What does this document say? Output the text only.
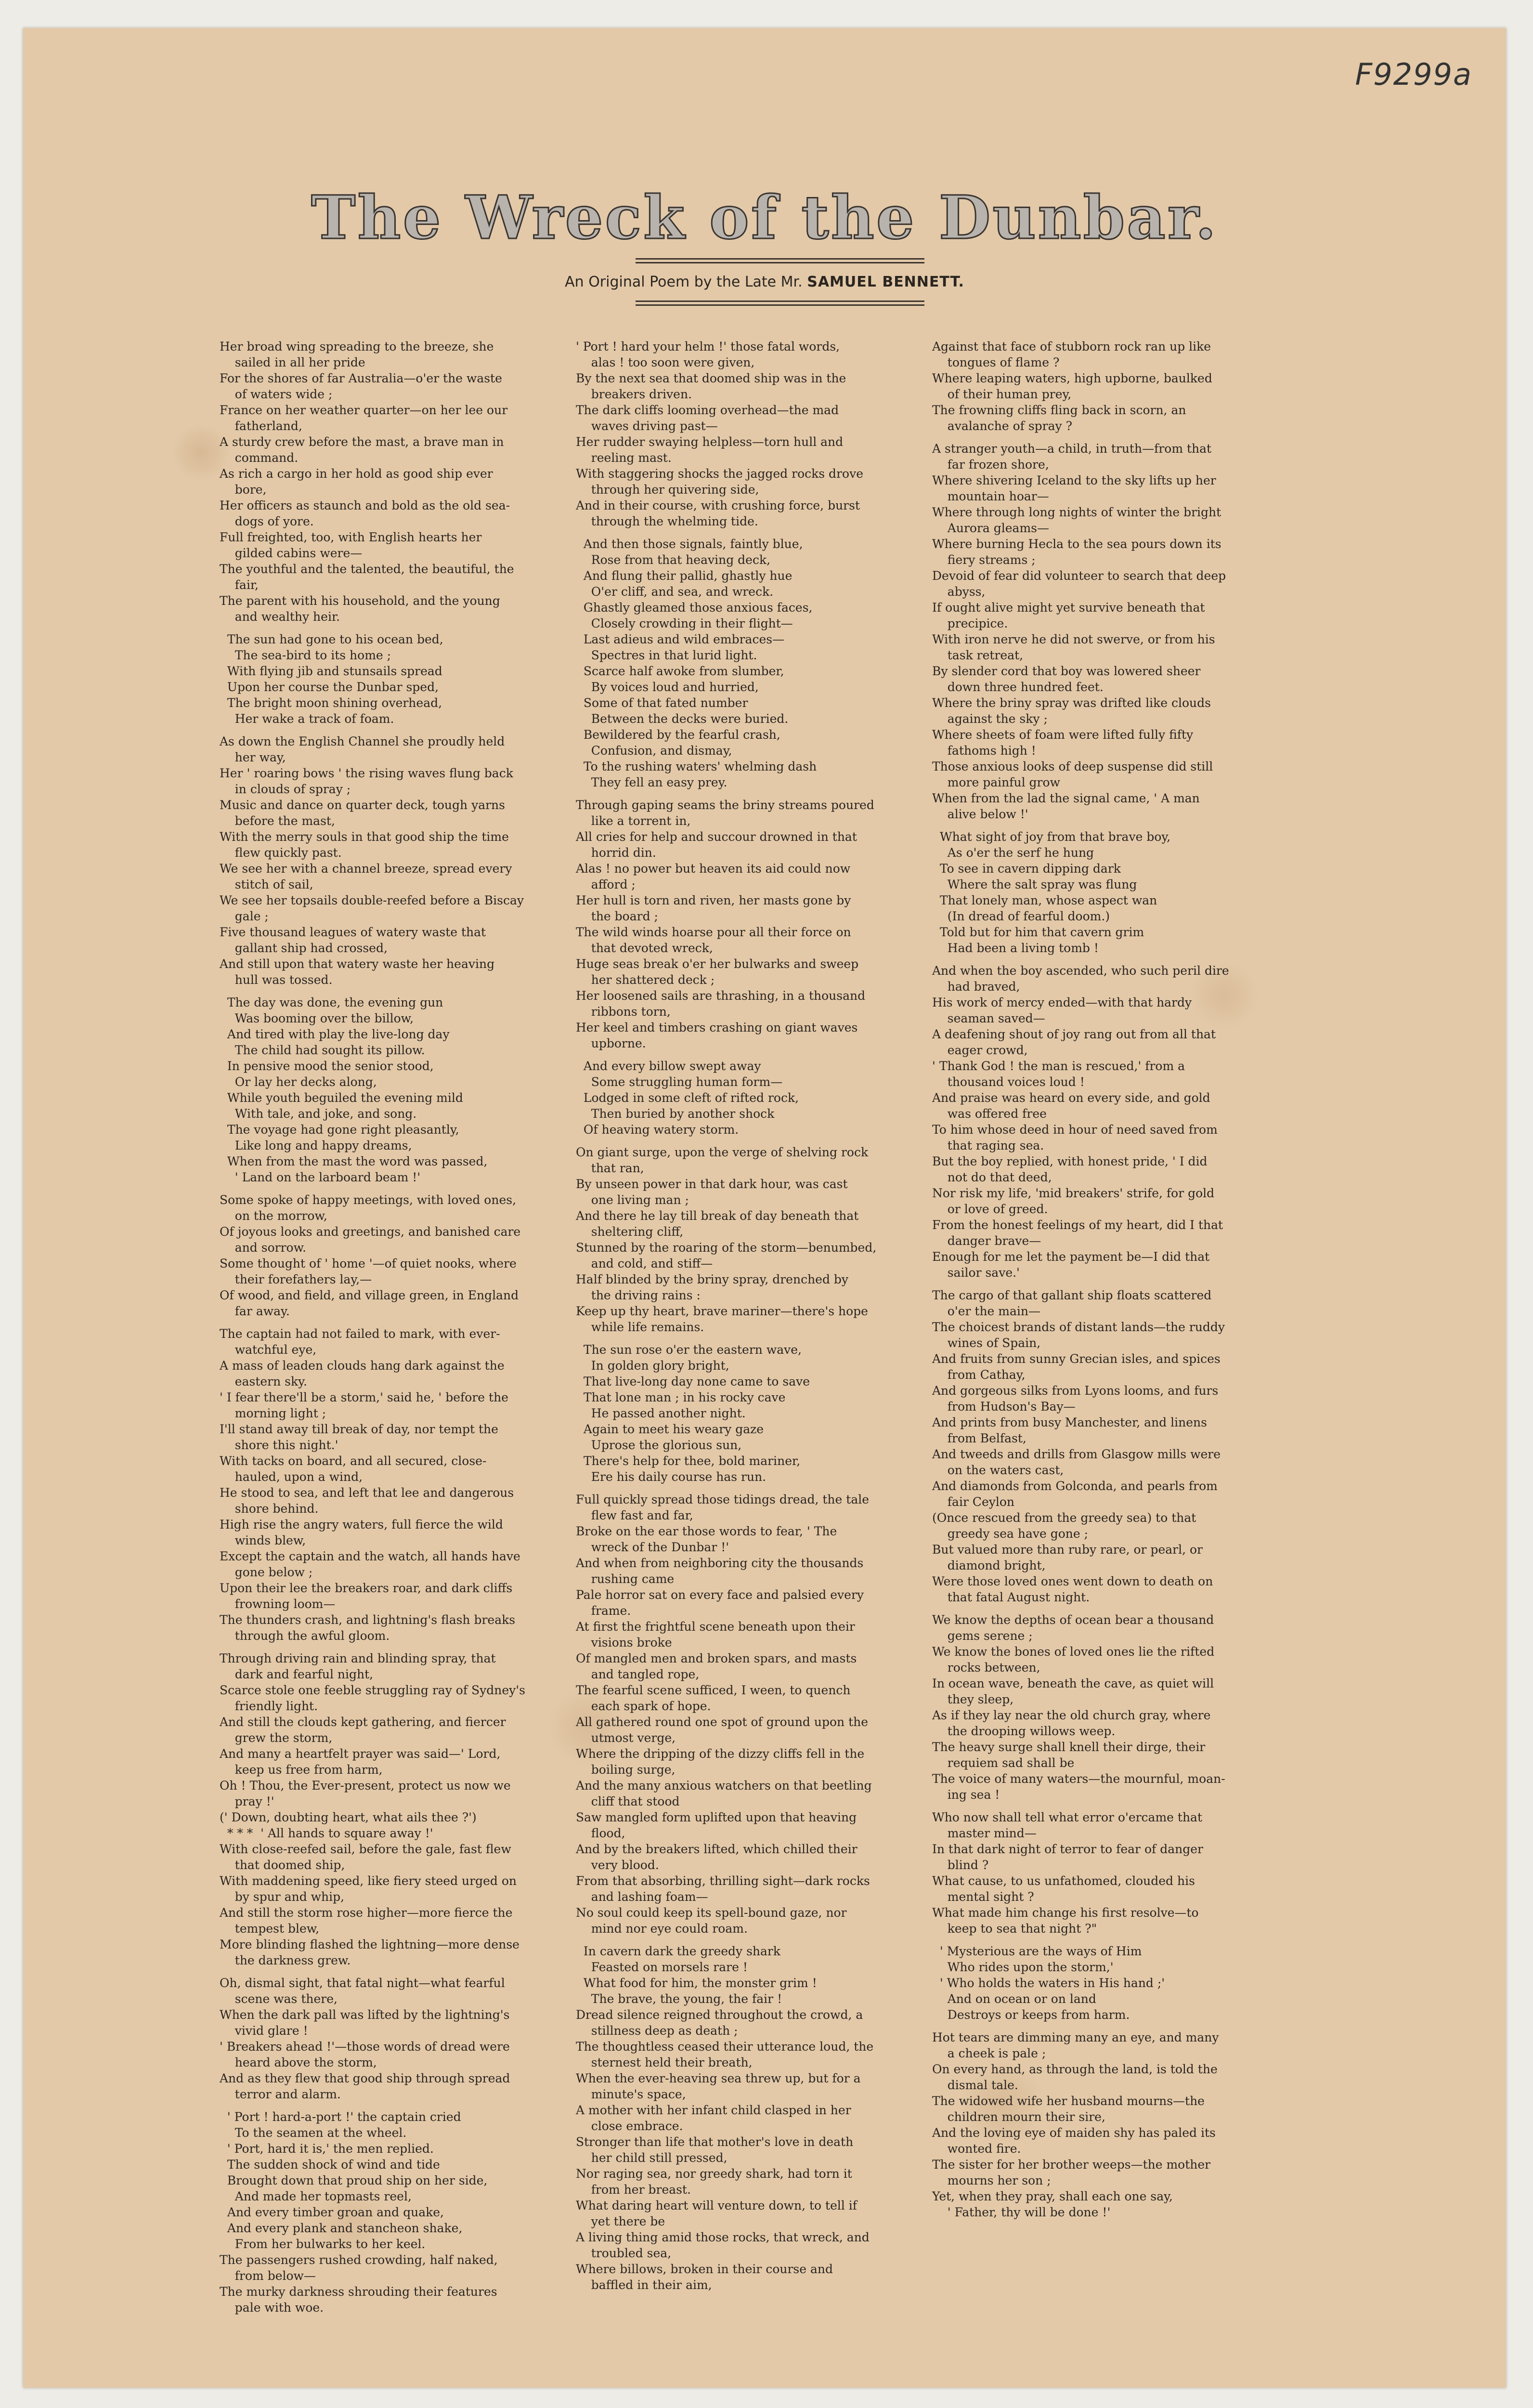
F9299a
The Wreck of the Dunbar.

An Original Poem by the Late Mr. SAMUEL BENNETT.

Her broad wing spreading to the breeze, she
sailed in all her pride
For the shores of far Australia—o'er the waste
of waters wide ;
France on her weather quarter—on her lee our
fatherland,
A sturdy crew before the mast, a brave man in
command.
As rich a cargo in her hold as good ship ever
bore,
Her officers as staunch and bold as the old sea-
dogs of yore.
Full freighted, too, with English hearts her
gilded cabins were—
The youthful and the talented, the beautiful, the
fair,
The parent with his household, and the young
and wealthy heir.

The sun had gone to his ocean bed,
The sea-bird to its home ;
With flying jib and stunsails spread
Upon her course the Dunbar sped,
The bright moon shining overhead,
Her wake a track of foam.

As down the English Channel she proudly held
her way,
Her ' roaring bows ' the rising waves flung back
in clouds of spray ;
Music and dance on quarter deck, tough yarns
before the mast,
With the merry souls in that good ship the time
flew quickly past.
We see her with a channel breeze, spread every
stitch of sail,
We see her topsails double-reefed before a Biscay
gale ;
Five thousand leagues of watery waste that
gallant ship had crossed,
And still upon that watery waste her heaving
hull was tossed.

The day was done, the evening gun
Was booming over the billow,
And tired with play the live-long day
The child had sought its pillow.
In pensive mood the senior stood,
Or lay her decks along,
While youth beguiled the evening mild
With tale, and joke, and song.
The voyage had gone right pleasantly,
Like long and happy dreams,
When from the mast the word was passed,
' Land on the larboard beam !'

Some spoke of happy meetings, with loved ones,
on the morrow,
Of joyous looks and greetings, and banished care
and sorrow.
Some thought of ' home '—of quiet nooks, where
their forefathers lay,—
Of wood, and field, and village green, in England
far away.

The captain had not failed to mark, with ever-
watchful eye,
A mass of leaden clouds hang dark against the
eastern sky.
' I fear there'll be a storm,' said he, ' before the
morning light ;
I'll stand away till break of day, nor tempt the
shore this night.'
With tacks on board, and all secured, close-
hauled, upon a wind,
He stood to sea, and left that lee and dangerous
shore behind.
High rise the angry waters, full fierce the wild
winds blew,
Except the captain and the watch, all hands have
gone below ;
Upon their lee the breakers roar, and dark cliffs
frowning loom—
The thunders crash, and lightning's flash breaks
through the awful gloom.

Through driving rain and blinding spray, that
dark and fearful night,
Scarce stole one feeble struggling ray of Sydney's
friendly light.
And still the clouds kept gathering, and fiercer
grew the storm,
And many a heartfelt prayer was said—' Lord,
keep us free from harm,
Oh ! Thou, the Ever-present, protect us now we
pray !'
(' Down, doubting heart, what ails thee ?')
* * *  ' All hands to square away !'
With close-reefed sail, before the gale, fast flew
that doomed ship,
With maddening speed, like fiery steed urged on
by spur and whip,
And still the storm rose higher—more fierce the
tempest blew,
More blinding flashed the lightning—more dense
the darkness grew.

Oh, dismal sight, that fatal night—what fearful
scene was there,
When the dark pall was lifted by the lightning's
vivid glare !
' Breakers ahead !'—those words of dread were
heard above the storm,
And as they flew that good ship through spread
terror and alarm.

' Port ! hard-a-port !' the captain cried
To the seamen at the wheel.
' Port, hard it is,' the men replied.
The sudden shock of wind and tide
Brought down that proud ship on her side,
And made her topmasts reel,
And every timber groan and quake,
And every plank and stancheon shake,
From her bulwarks to her keel.
The passengers rushed crowding, half naked,
from below—
The murky darkness shrouding their features
pale with woe.
' Port ! hard your helm !' those fatal words,
alas ! too soon were given,
By the next sea that doomed ship was in the
breakers driven.
The dark cliffs looming overhead—the mad
waves driving past—
Her rudder swaying helpless—torn hull and
reeling mast.
With staggering shocks the jagged rocks drove
through her quivering side,
And in their course, with crushing force, burst
through the whelming tide.

And then those signals, faintly blue,
Rose from that heaving deck,
And flung their pallid, ghastly hue
O'er cliff, and sea, and wreck.
Ghastly gleamed those anxious faces,
Closely crowding in their flight—
Last adieus and wild embraces—
Spectres in that lurid light.
Scarce half awoke from slumber,
By voices loud and hurried,
Some of that fated number
Between the decks were buried.
Bewildered by the fearful crash,
Confusion, and dismay,
To the rushing waters' whelming dash
They fell an easy prey.

Through gaping seams the briny streams poured
like a torrent in,
All cries for help and succour drowned in that
horrid din.
Alas ! no power but heaven its aid could now
afford ;
Her hull is torn and riven, her masts gone by
the board ;
The wild winds hoarse pour all their force on
that devoted wreck,
Huge seas break o'er her bulwarks and sweep
her shattered deck ;
Her loosened sails are thrashing, in a thousand
ribbons torn,
Her keel and timbers crashing on giant waves
upborne.

And every billow swept away
Some struggling human form—
Lodged in some cleft of rifted rock,
Then buried by another shock
Of heaving watery storm.

On giant surge, upon the verge of shelving rock
that ran,
By unseen power in that dark hour, was cast
one living man ;
And there he lay till break of day beneath that
sheltering cliff,
Stunned by the roaring of the storm—benumbed,
and cold, and stiff—
Half blinded by the briny spray, drenched by
the driving rains :
Keep up thy heart, brave mariner—there's hope
while life remains.

The sun rose o'er the eastern wave,
In golden glory bright,
That live-long day none came to save
That lone man ; in his rocky cave
He passed another night.
Again to meet his weary gaze
Uprose the glorious sun,
There's help for thee, bold mariner,
Ere his daily course has run.

Full quickly spread those tidings dread, the tale
flew fast and far,
Broke on the ear those words to fear, ' The
wreck of the Dunbar !'
And when from neighboring city the thousands
rushing came
Pale horror sat on every face and palsied every
frame.
At first the frightful scene beneath upon their
visions broke
Of mangled men and broken spars, and masts
and tangled rope,
The fearful scene sufficed, I ween, to quench
each spark of hope.
All gathered round one spot of ground upon the
utmost verge,
Where the dripping of the dizzy cliffs fell in the
boiling surge,
And the many anxious watchers on that beetling
cliff that stood
Saw mangled form uplifted upon that heaving
flood,
And by the breakers lifted, which chilled their
very blood.
From that absorbing, thrilling sight—dark rocks
and lashing foam—
No soul could keep its spell-bound gaze, nor
mind nor eye could roam.

In cavern dark the greedy shark
Feasted on morsels rare !
What food for him, the monster grim !
The brave, the young, the fair !
Dread silence reigned throughout the crowd, a
stillness deep as death ;
The thoughtless ceased their utterance loud, the
sternest held their breath,
When the ever-heaving sea threw up, but for a
minute's space,
A mother with her infant child clasped in her
close embrace.
Stronger than life that mother's love in death
her child still pressed,
Nor raging sea, nor greedy shark, had torn it
from her breast.
What daring heart will venture down, to tell if
yet there be
A living thing amid those rocks, that wreck, and
troubled sea,
Where billows, broken in their course and
baffled in their aim,
Against that face of stubborn rock ran up like
tongues of flame ?
Where leaping waters, high upborne, baulked
of their human prey,
The frowning cliffs fling back in scorn, an
avalanche of spray ?

A stranger youth—a child, in truth—from that
far frozen shore,
Where shivering Iceland to the sky lifts up her
mountain hoar—
Where through long nights of winter the bright
Aurora gleams—
Where burning Hecla to the sea pours down its
fiery streams ;
Devoid of fear did volunteer to search that deep
abyss,
If ought alive might yet survive beneath that
precipice.
With iron nerve he did not swerve, or from his
task retreat,
By slender cord that boy was lowered sheer
down three hundred feet.
Where the briny spray was drifted like clouds
against the sky ;
Where sheets of foam were lifted fully fifty
fathoms high !
Those anxious looks of deep suspense did still
more painful grow
When from the lad the signal came, ' A man
alive below !'

What sight of joy from that brave boy,
As o'er the serf he hung
To see in cavern dipping dark
Where the salt spray was flung
That lonely man, whose aspect wan
(In dread of fearful doom.)
Told but for him that cavern grim
Had been a living tomb !

And when the boy ascended, who such peril dire
had braved,
His work of mercy ended—with that hardy
seaman saved—
A deafening shout of joy rang out from all that
eager crowd,
' Thank God ! the man is rescued,' from a
thousand voices loud !
And praise was heard on every side, and gold
was offered free
To him whose deed in hour of need saved from
that raging sea.
But the boy replied, with honest pride, ' I did
not do that deed,
Nor risk my life, 'mid breakers' strife, for gold
or love of greed.
From the honest feelings of my heart, did I that
danger brave—
Enough for me let the payment be—I did that
sailor save.'

The cargo of that gallant ship floats scattered
o'er the main—
The choicest brands of distant lands—the ruddy
wines of Spain,
And fruits from sunny Grecian isles, and spices
from Cathay,
And gorgeous silks from Lyons looms, and furs
from Hudson's Bay—
And prints from busy Manchester, and linens
from Belfast,
And tweeds and drills from Glasgow mills were
on the waters cast,
And diamonds from Golconda, and pearls from
fair Ceylon
(Once rescued from the greedy sea) to that
greedy sea have gone ;
But valued more than ruby rare, or pearl, or
diamond bright,
Were those loved ones went down to death on
that fatal August night.

We know the depths of ocean bear a thousand
gems serene ;
We know the bones of loved ones lie the rifted
rocks between,
In ocean wave, beneath the cave, as quiet will
they sleep,
As if they lay near the old church gray, where
the drooping willows weep.
The heavy surge shall knell their dirge, their
requiem sad shall be
The voice of many waters—the mournful, moan-
ing sea !

Who now shall tell what error o'ercame that
master mind—
In that dark night of terror to fear of danger
blind ?
What cause, to us unfathomed, clouded his
mental sight ?
What made him change his first resolve—to
keep to sea that night ?"

' Mysterious are the ways of Him
Who rides upon the storm,'
' Who holds the waters in His hand ;'
And on ocean or on land
Destroys or keeps from harm.

Hot tears are dimming many an eye, and many
a cheek is pale ;
On every hand, as through the land, is told the
dismal tale.
The widowed wife her husband mourns—the
children mourn their sire,
And the loving eye of maiden shy has paled its
wonted fire.
The sister for her brother weeps—the mother
mourns her son ;
Yet, when they pray, shall each one say,
' Father, thy will be done !'
